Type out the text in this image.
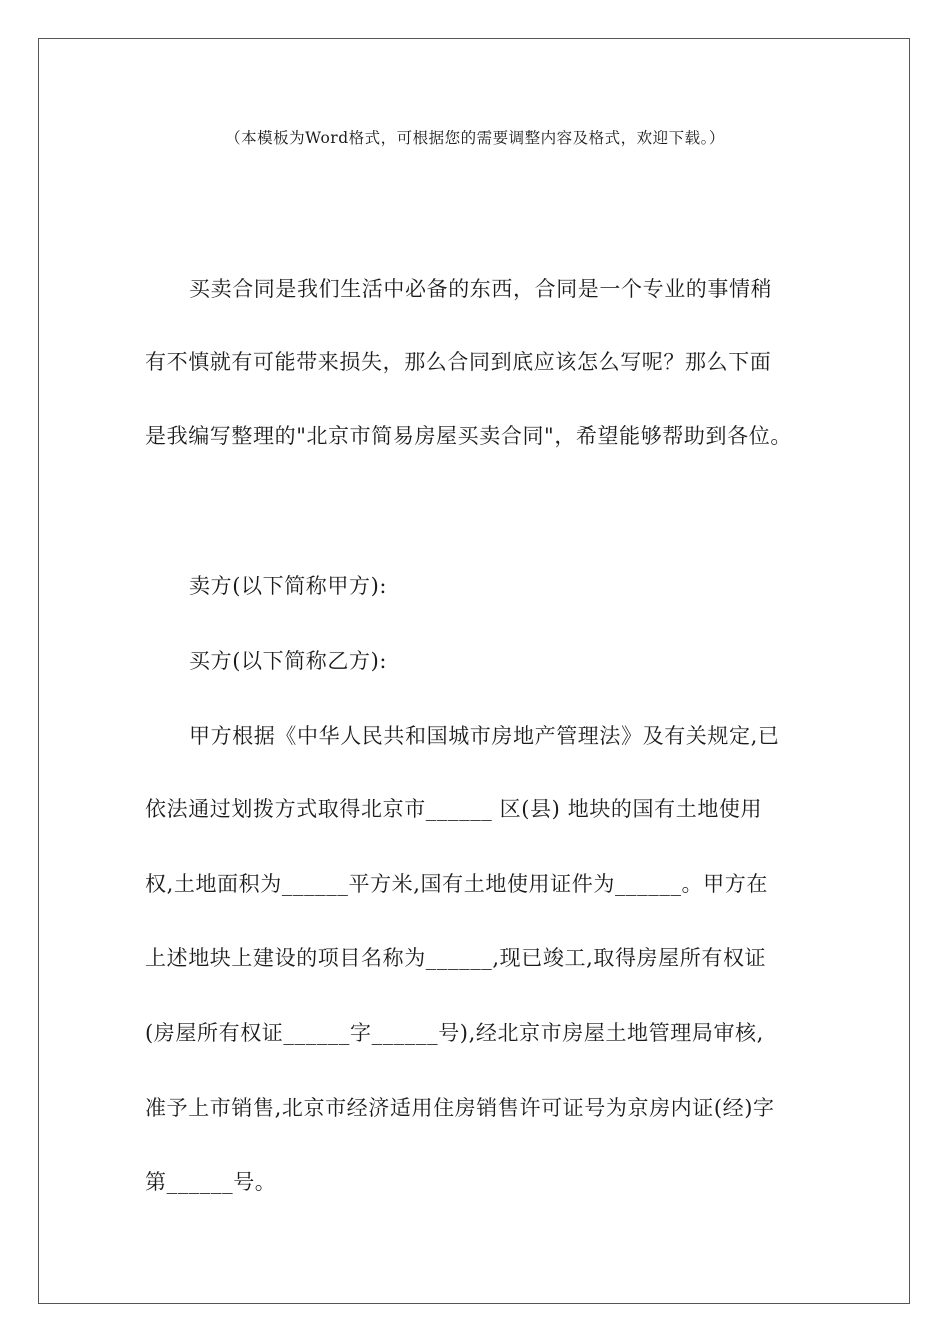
（本模板为Word格式，可根据您的需要调整内容及格式，欢迎下载。）
买卖合同是我们生活中必备的东西，合同是一个专业的事情稍
有不慎就有可能带来损失，那么合同到底应该怎么写呢？那么下面
是我编写整理的"北京市简易房屋买卖合同"，希望能够帮助到各位。
卖方(以下简称甲方):
买方(以下简称乙方):
甲方根据《中华人民共和国城市房地产管理法》及有关规定,已
依法通过划拨方式取得北京市______ 区(县) 地块的国有土地使用
权,土地面积为______平方米,国有土地使用证件为______。甲方在
上述地块上建设的项目名称为______,现已竣工,取得房屋所有权证
(房屋所有权证______字______号),经北京市房屋土地管理局审核,
准予上市销售,北京市经济适用住房销售许可证号为京房内证(经)字
第______号。
